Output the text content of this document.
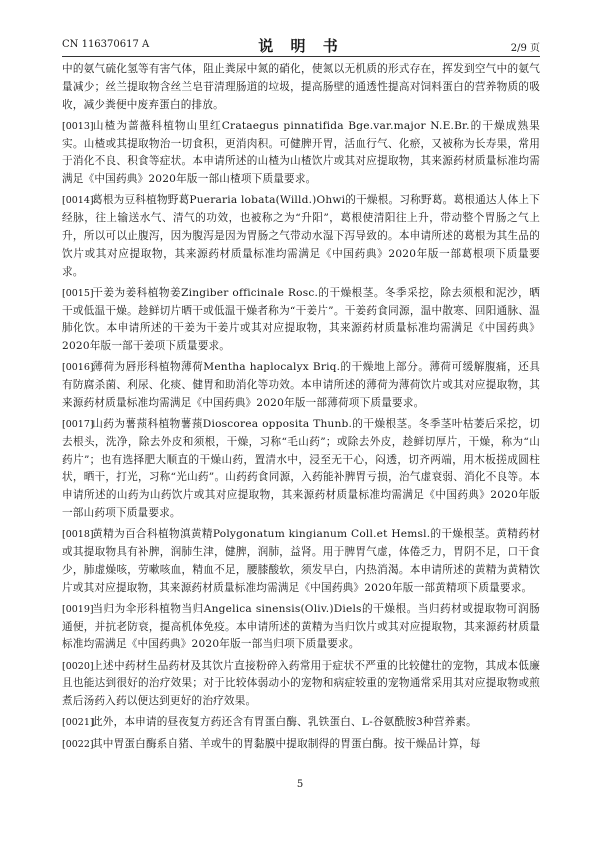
CN 116370617 A	说 明 书	2/9 页

中的氨气硫化氢等有害气体，阻止粪尿中氮的硝化，使氮以无机质的形式存在，挥发到空气中的氨气量减少；丝兰提取物含丝兰皂苷清理肠道的垃圾，提高肠壁的通透性提高对饲料蛋白的营养物质的吸收，减少粪便中废弃蛋白的排放。

[0013]山楂为蔷薇科植物山里红Crataegus pinnatifida Bge.var.major N.E.Br.的干燥成熟果实。山楂或其提取物治一切食积，更消肉积。可健脾开胃，活血行气、化瘀，又被称为长寿果，常用于消化不良、积食等症状。本申请所述的山楂为山楂饮片或其对应提取物，其来源药材质量标准均需满足《中国药典》2020年版一部山楂项下质量要求。

[0014]葛根为豆科植物野葛Pueraria lobata(Willd.)Ohwi的干燥根。习称野葛。葛根通达人体上下经脉，往上输送水气、清气的功效，也被称之为“升阳”，葛根使清阳往上升，带动整个胃肠之气上升，所以可以止腹泻，因为腹泻是因为胃肠之气带动水湿下泻导致的。本申请所述的葛根为其生品的饮片或其对应提取物，其来源药材质量标准均需满足《中国药典》2020年版一部葛根项下质量要求。

[0015]干姜为姜科植物姜Zingiber officinale Rosc.的干燥根茎。冬季采挖，除去须根和泥沙，晒干或低温干燥。趁鲜切片晒干或低温干燥者称为“干姜片”。干姜药食同源，温中散寒、回阳通脉、温肺化饮。本申请所述的干姜为干姜片或其对应提取物，其来源药材质量标准均需满足《中国药典》2020年版一部干姜项下质量要求。

[0016]薄荷为唇形科植物薄荷Mentha haplocalyx Briq.的干燥地上部分。薄荷可缓解腹痛，还具有防腐杀菌、利尿、化痰、健胃和助消化等功效。本申请所述的薄荷为薄荷饮片或其对应提取物，其来源药材质量标准均需满足《中国药典》2020年版一部薄荷项下质量要求。

[0017]山药为薯蓣科植物薯蓣Dioscorea opposita Thunb.的干燥根茎。冬季茎叶枯萎后采挖，切去根头，洗净，除去外皮和须根，干燥，习称“毛山药”；或除去外皮，趁鲜切厚片，干燥，称为“山药片”；也有选择肥大顺直的干燥山药，置清水中，浸至无干心，闷透，切齐两端，用木板搓成圆柱状，晒干，打光，习称“光山药”。山药药食同源，入药能补脾胃亏损，治气虚衰弱、消化不良等。本申请所述的山药为山药饮片或其对应提取物，其来源药材质量标准均需满足《中国药典》2020年版一部山药项下质量要求。

[0018]黄精为百合科植物滇黄精Polygonatum kingianum Coll.et Hemsl.的干燥根茎。黄精药材或其提取物具有补脾，润肺生津，健脾，润肺，益肾。用于脾胃气虚，体倦乏力，胃阴不足，口干食少，肺虚燥咳，劳嗽咳血，精血不足，腰膝酸软，须发早白，内热消渴。本申请所述的黄精为黄精饮片或其对应提取物，其来源药材质量标准均需满足《中国药典》2020年版一部黄精项下质量要求。

[0019]当归为伞形科植物当归Angelica sinensis(Oliv.)Diels的干燥根。当归药材或提取物可润肠通便，并抗老防衰，提高机体免疫。本申请所述的黄精为当归饮片或其对应提取物，其来源药材质量标准均需满足《中国药典》2020年版一部当归项下质量要求。

[0020]上述中药材生品药材及其饮片直接粉碎入药常用于症状不严重的比较健壮的宠物，其成本低廉且也能达到很好的治疗效果；对于比较体弱动小的宠物和病症较重的宠物通常采用其对应提取物或煎煮后汤药入药以便达到更好的治疗效果。

[0021]此外，本申请的昼夜复方药还含有胃蛋白酶、乳铁蛋白、L-谷氨酰胺3种营养素。

[0022]其中胃蛋白酶系自猪、羊或牛的胃黏膜中提取制得的胃蛋白酶。按干燥品计算，每

5
